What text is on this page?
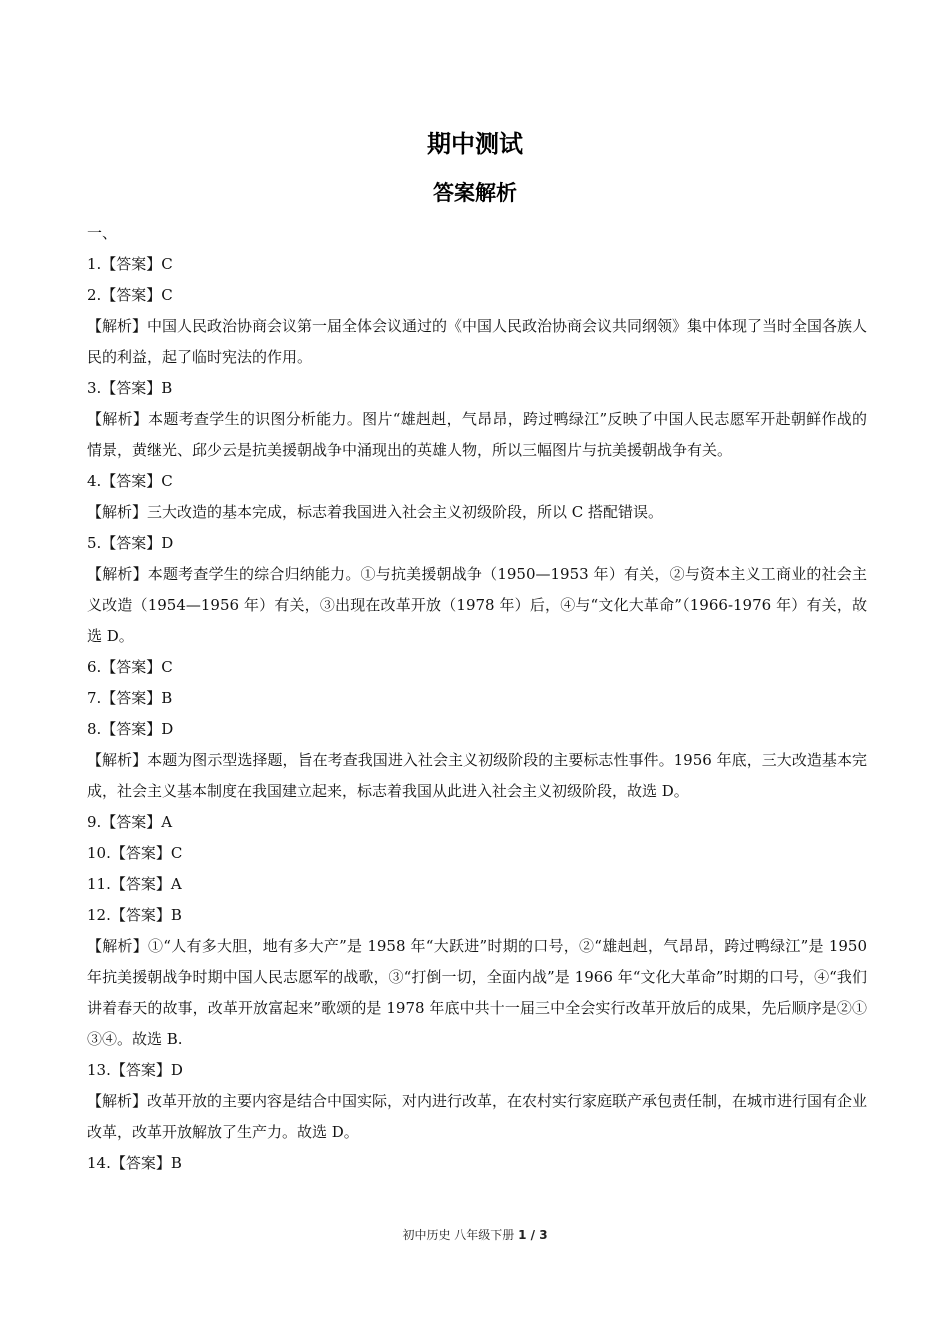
期中测试
答案解析

一、

1.【答案】C

2.【答案】C

【解析】中国人民政治协商会议第一届全体会议通过的《中国人民政治协商会议共同纲领》集中体现了当时全国各族人民的利益，起了临时宪法的作用。

3.【答案】B

【解析】本题考查学生的识图分析能力。图片“雄赳赳，气昂昂，跨过鸭绿江”反映了中国人民志愿军开赴朝鲜作战的情景，黄继光、邱少云是抗美援朝战争中涌现出的英雄人物，所以三幅图片与抗美援朝战争有关。

4.【答案】C

【解析】三大改造的基本完成，标志着我国进入社会主义初级阶段，所以 C 搭配错误。

5.【答案】D

【解析】本题考查学生的综合归纳能力。①与抗美援朝战争（1950—1953 年）有关，②与资本主义工商业的社会主义改造（1954—1956 年）有关，③出现在改革开放（1978 年）后，④与“文化大革命”（1966-1976 年）有关，故选 D。

6.【答案】C

7.【答案】B

8.【答案】D

【解析】本题为图示型选择题，旨在考查我国进入社会主义初级阶段的主要标志性事件。1956 年底，三大改造基本完成，社会主义基本制度在我国建立起来，标志着我国从此进入社会主义初级阶段，故选 D。

9.【答案】A

10.【答案】C

11.【答案】A

12.【答案】B

【解析】①“人有多大胆，地有多大产”是 1958 年“大跃进”时期的口号，②“雄赳赳，气昂昂，跨过鸭绿江”是 1950 年抗美援朝战争时期中国人民志愿军的战歌，③“打倒一切，全面内战”是 1966 年“文化大革命”时期的口号，④“我们讲着春天的故事，改革开放富起来”歌颂的是 1978 年底中共十一届三中全会实行改革开放后的成果，先后顺序是②①③④。故选 B.

13.【答案】D

【解析】改革开放的主要内容是结合中国实际，对内进行改革，在农村实行家庭联产承包责任制，在城市进行国有企业改革，改革开放解放了生产力。故选 D。

14.【答案】B

初中历史 八年级下册 1 / 3
